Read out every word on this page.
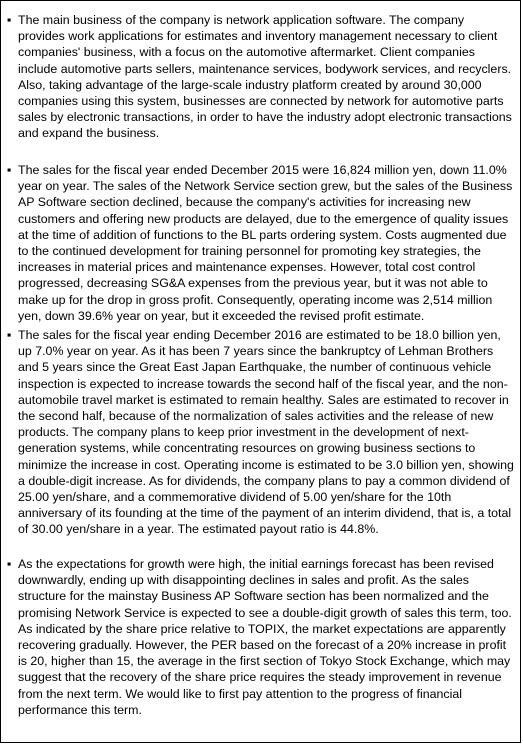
▪ The main business of the company is network application software. The company provides work applications for estimates and inventory management necessary to client companies' business, with a focus on the automotive aftermarket. Client companies include automotive parts sellers, maintenance services, bodywork services, and recyclers. Also, taking advantage of the large-scale industry platform created by around 30,000 companies using this system, businesses are connected by network for automotive parts sales by electronic transactions, in order to have the industry adopt electronic transactions and expand the business.
▪ The sales for the fiscal year ended December 2015 were 16,824 million yen, down 11.0% year on year. The sales of the Network Service section grew, but the sales of the Business AP Software section declined, because the company's activities for increasing new customers and offering new products are delayed, due to the emergence of quality issues at the time of addition of functions to the BL parts ordering system. Costs augmented due to the continued development for training personnel for promoting key strategies, the increases in material prices and maintenance expenses. However, total cost control progressed, decreasing SG&A expenses from the previous year, but it was not able to make up for the drop in gross profit. Consequently, operating income was 2,514 million yen, down 39.6% year on year, but it exceeded the revised profit estimate.
▪ The sales for the fiscal year ending December 2016 are estimated to be 18.0 billion yen, up 7.0% year on year. As it has been 7 years since the bankruptcy of Lehman Brothers and 5 years since the Great East Japan Earthquake, the number of continuous vehicle inspection is expected to increase towards the second half of the fiscal year, and the non-automobile travel market is estimated to remain healthy. Sales are estimated to recover in the second half, because of the normalization of sales activities and the release of new products. The company plans to keep prior investment in the development of next-generation systems, while concentrating resources on growing business sections to minimize the increase in cost. Operating income is estimated to be 3.0 billion yen, showing a double-digit increase. As for dividends, the company plans to pay a common dividend of 25.00 yen/share, and a commemorative dividend of 5.00 yen/share for the 10th anniversary of its founding at the time of the payment of an interim dividend, that is, a total of 30.00 yen/share in a year. The estimated payout ratio is 44.8%.
▪ As the expectations for growth were high, the initial earnings forecast has been revised downwardly, ending up with disappointing declines in sales and profit. As the sales structure for the mainstay Business AP Software section has been normalized and the promising Network Service is expected to see a double-digit growth of sales this term, too. As indicated by the share price relative to TOPIX, the market expectations are apparently recovering gradually. However, the PER based on the forecast of a 20% increase in profit is 20, higher than 15, the average in the first section of Tokyo Stock Exchange, which may suggest that the recovery of the share price requires the steady improvement in revenue from the next term. We would like to first pay attention to the progress of financial performance this term.
